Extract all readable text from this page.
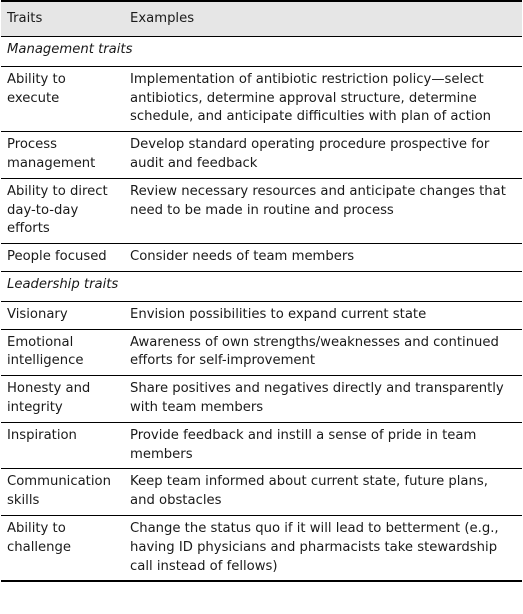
Traits	Examples
Management traits	
Ability to execute	Implementation of antibiotic restriction policy—select antibiotics, determine approval structure, determine schedule, and anticipate difficulties with plan of action
Process management	Develop standard operating procedure prospective for audit and feedback
Ability to direct day-to-day efforts	Review necessary resources and anticipate changes that need to be made in routine and process
People focused	Consider needs of team members
Leadership traits	
Visionary	Envision possibilities to expand current state
Emotional intelligence	Awareness of own strengths/weaknesses and continued efforts for self-improvement
Honesty and integrity	Share positives and negatives directly and transparently with team members
Inspiration	Provide feedback and instill a sense of pride in team members
Communication skills	Keep team informed about current state, future plans, and obstacles
Ability to challenge	Change the status quo if it will lead to betterment (e.g., having ID physicians and pharmacists take stewardship call instead of fellows)
